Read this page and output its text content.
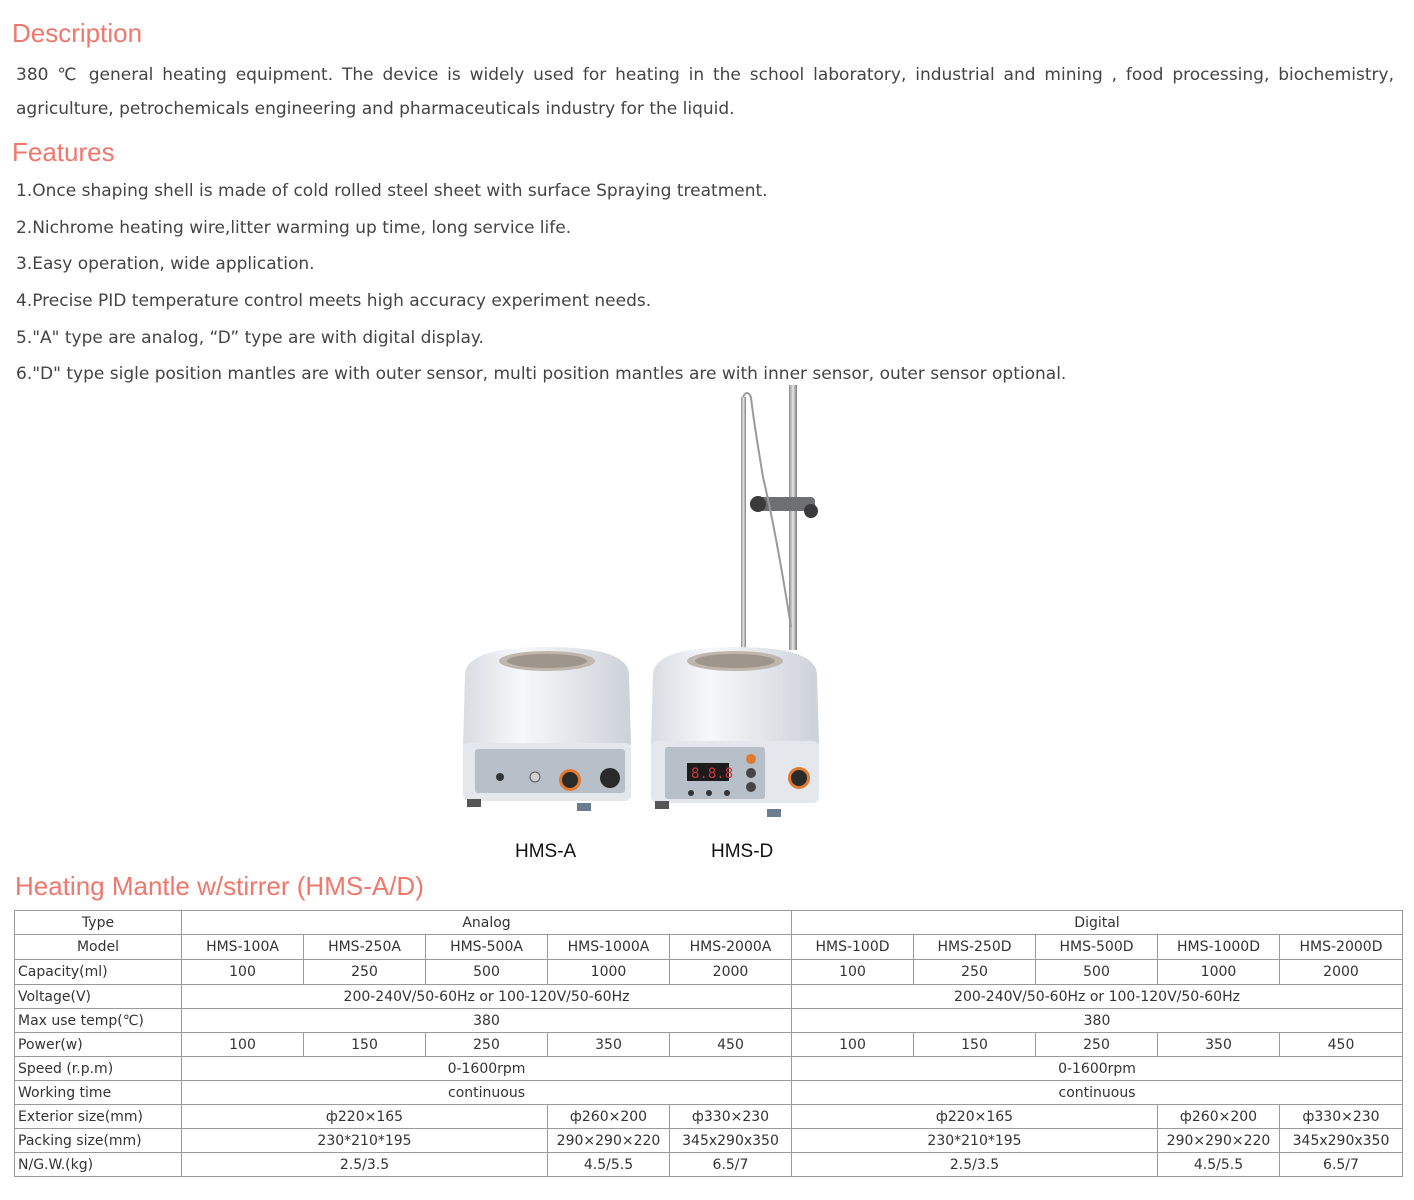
Description
380 ℃ general heating equipment. The device is widely used for heating in the school laboratory, industrial and mining , food processing, biochemistry, agriculture, petrochemicals engineering and pharmaceuticals industry for the liquid.
Features
1.Once shaping shell is made of cold rolled steel sheet with surface Spraying treatment.
2.Nichrome heating wire,litter warming up time, long service life.
3.Easy operation, wide application.
4.Precise PID temperature control meets high accuracy experiment needs.
5."A" type are analog, “D” type are with digital display.
6."D" type sigle position mantles are with outer sensor, multi position mantles are with inner sensor, outer sensor optional.
8.8.8
HMS-A	HMS-D
Heating Mantle w/stirrer (HMS-A/D)
Type	Analog					Digital				
Model	HMS-100A	HMS-250A	HMS-500A	HMS-1000A	HMS-2000A	HMS-100D	HMS-250D	HMS-500D	HMS-1000D	HMS-2000D
Capacity(ml)	100	250	500	1000	2000	100	250	500	1000	2000
Voltage(V)	200-240V/50-60Hz or 100-120V/50-60Hz					200-240V/50-60Hz or 100-120V/50-60Hz				
Max use temp(℃)	380					380				
Power(w)	100	150	250	350	450	100	150	250	350	450
Speed (r.p.m)	0-1600rpm					0-1600rpm				
Working time	continuous					continuous				
Exterior size(mm)	ф220×165			ф260×200	ф330×230	ф220×165			ф260×200	ф330×230
Packing size(mm)	230*210*195			290×290×220	345x290x350	230*210*195			290×290×220	345x290x350
N/G.W.(kg)	2.5/3.5			4.5/5.5	6.5/7	2.5/3.5			4.5/5.5	6.5/7
